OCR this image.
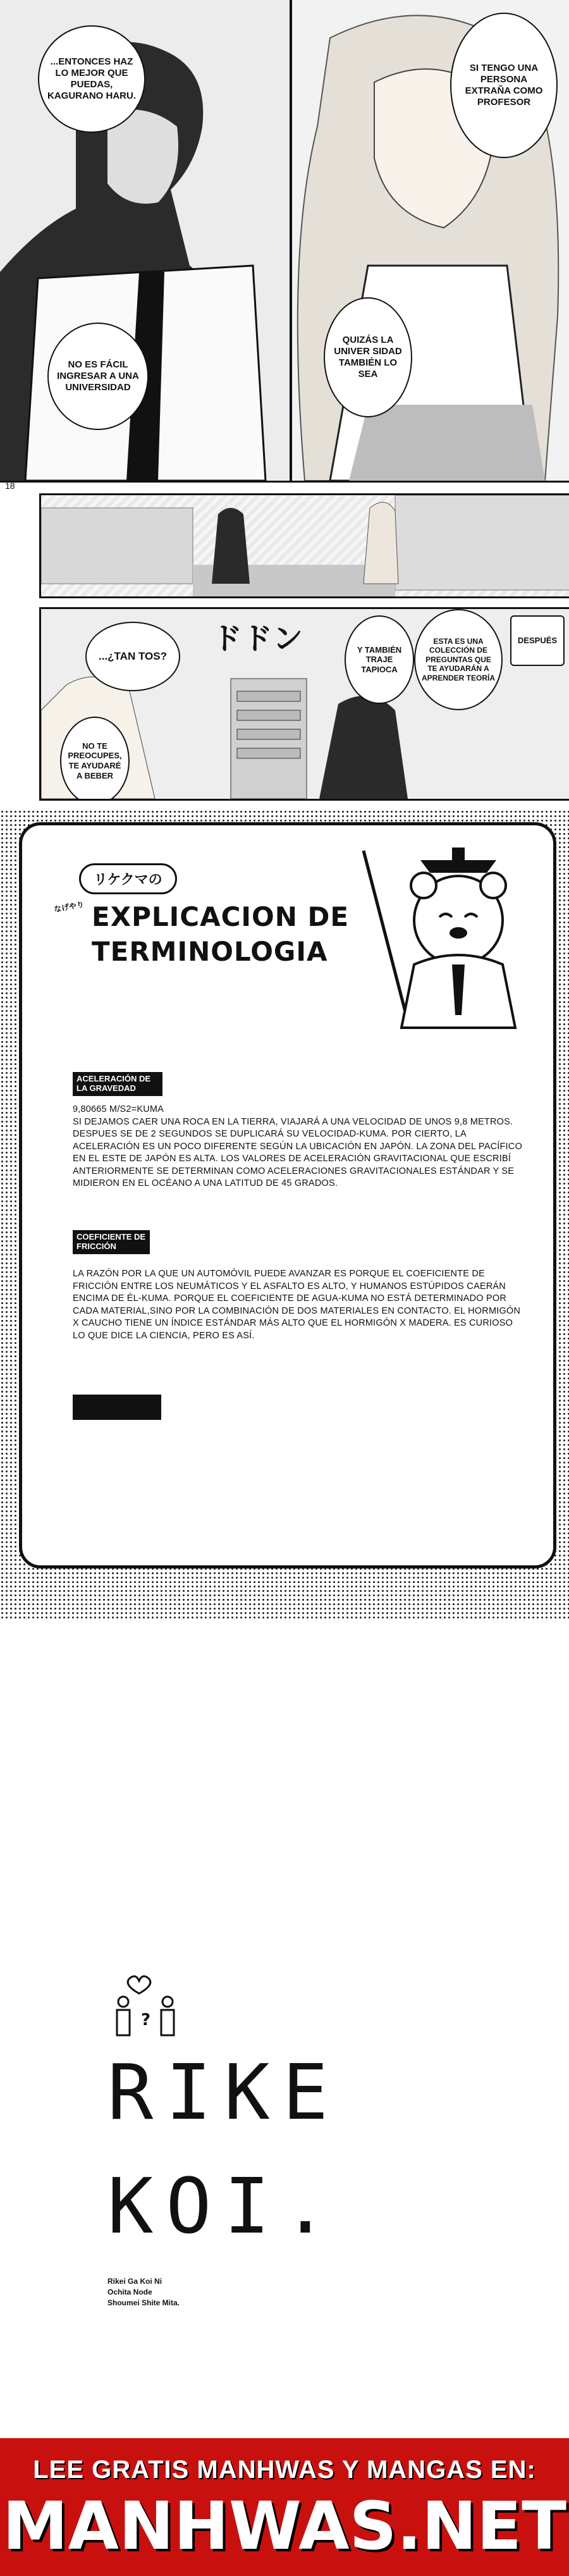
...ENTONCES HAZ LO MEJOR QUE PUEDAS, KAGURANO HARU.
NO ES FÁCIL INGRESAR A UNA UNIVERSIDAD
SI TENGO UNA PERSONA EXTRAÑA COMO PROFESOR
QUIZÁS LA UNIVER SIDAD TAMBIÉN LO SEA
18
ドドン
...¿TAN TOS?
NO TE PREOCUPES, TE AYUDARÉ A BEBER
Y TAMBIÉN TRAJE TAPIOCA
ESTA ES UNA COLECCIÓN DE PREGUNTAS QUE TE AYUDARÁN A APRENDER TEORÍA
DESPUÉS
リケクマの
なげやり EXPLICACION DE
TERMINOLOGIA
ACELERACIÓN DE LA GRAVEDAD
9,80665 M/S2=KUMA
SI DEJAMOS CAER UNA ROCA EN LA TIERRA, VIAJARÁ A UNA VELOCIDAD DE UNOS 9,8 METROS. DESPUES SE DE 2 SEGUNDOS SE DUPLICARÁ SU VELOCIDAD-KUMA. POR CIERTO, LA ACELERACIÓN ES UN POCO DIFERENTE SEGÚN LA UBICACIÓN EN JAPÓN. LA ZONA DEL PACÍFICO EN EL ESTE DE JAPÓN ES ALTA. LOS VALORES DE ACELERACIÓN GRAVITACIONAL QUE ESCRIBÍ ANTERIORMENTE SE DETERMINAN COMO ACELERACIONES GRAVITACIONALES ESTÁNDAR Y SE MIDIERON EN EL OCÉANO A UNA LATITUD DE 45 GRADOS.
COEFICIENTE DE FRICCIÓN
LA RAZÓN POR LA QUE UN AUTOMÓVIL PUEDE AVANZAR ES PORQUE EL COEFICIENTE DE FRICCIÓN ENTRE LOS NEUMÁTICOS Y EL ASFALTO ES ALTO, Y HUMANOS ESTÚPIDOS CAERÁN ENCIMA DE ÉL-KUMA. PORQUE EL COEFICIENTE DE AGUA-KUMA NO ESTÁ DETERMINADO POR CADA MATERIAL,SINO POR LA COMBINACIÓN DE DOS MATERIALES EN CONTACTO. EL HORMIGÓN X CAUCHO TIENE UN ÍNDICE ESTÁNDAR MÁS ALTO QUE EL HORMIGÓN X MADERA. ES CURIOSO LO QUE DICE LA CIENCIA, PERO ES ASÍ.
?
RIKE
KOI.
Rikei Ga Koi Ni
Ochita Node
Shoumei Shite Mita.
LEE GRATIS MANHWAS Y MANGAS EN:
MANHWAS.NET
